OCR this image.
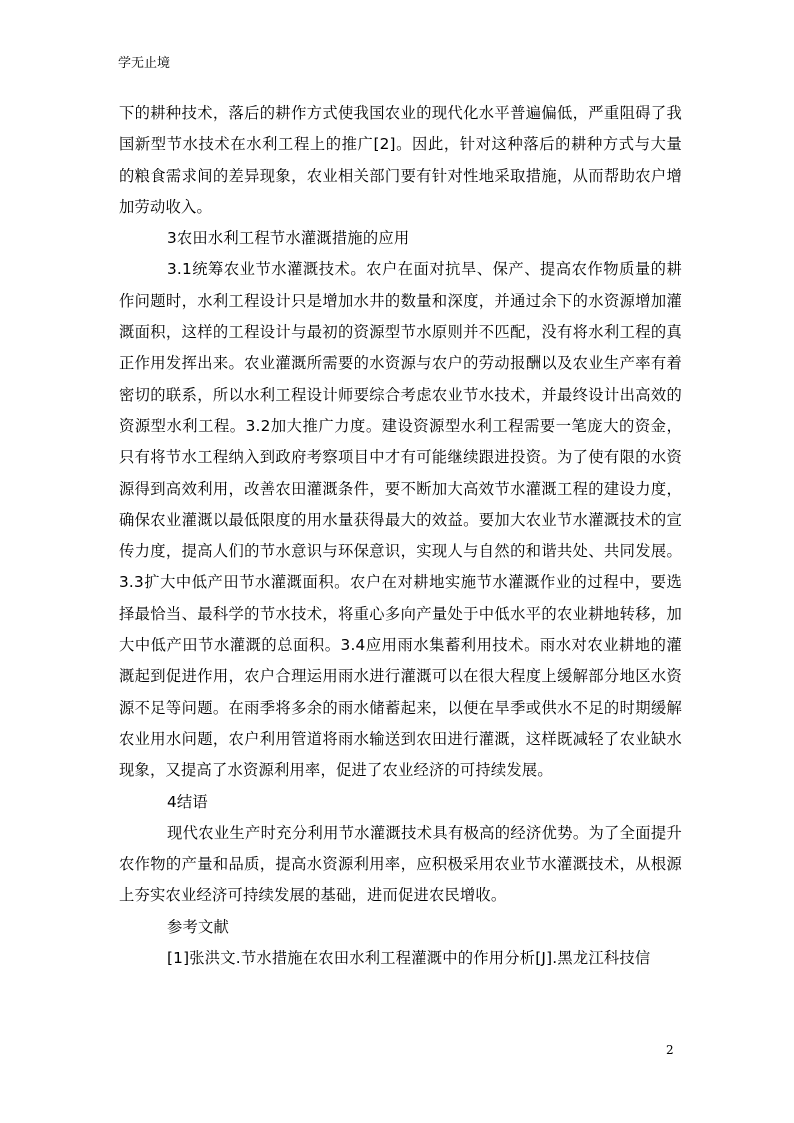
学无止境

下的耕种技术，落后的耕作方式使我国农业的现代化水平普遍偏低，严重阻碍了我国新型节水技术在水利工程上的推广[2]。因此，针对这种落后的耕种方式与大量的粮食需求间的差异现象，农业相关部门要有针对性地采取措施，从而帮助农户增加劳动收入。

3农田水利工程节水灌溉措施的应用

3.1统筹农业节水灌溉技术。农户在面对抗旱、保产、提高农作物质量的耕作问题时，水利工程设计只是增加水井的数量和深度，并通过余下的水资源增加灌溉面积，这样的工程设计与最初的资源型节水原则并不匹配，没有将水利工程的真正作用发挥出来。农业灌溉所需要的水资源与农户的劳动报酬以及农业生产率有着密切的联系，所以水利工程设计师要综合考虑农业节水技术，并最终设计出高效的资源型水利工程。3.2加大推广力度。建设资源型水利工程需要一笔庞大的资金，只有将节水工程纳入到政府考察项目中才有可能继续跟进投资。为了使有限的水资源得到高效利用，改善农田灌溉条件，要不断加大高效节水灌溉工程的建设力度，确保农业灌溉以最低限度的用水量获得最大的效益。要加大农业节水灌溉技术的宣传力度，提高人们的节水意识与环保意识，实现人与自然的和谐共处、共同发展。3.3扩大中低产田节水灌溉面积。农户在对耕地实施节水灌溉作业的过程中，要选择最恰当、最科学的节水技术，将重心多向产量处于中低水平的农业耕地转移，加大中低产田节水灌溉的总面积。3.4应用雨水集蓄利用技术。雨水对农业耕地的灌溉起到促进作用，农户合理运用雨水进行灌溉可以在很大程度上缓解部分地区水资源不足等问题。在雨季将多余的雨水储蓄起来，以便在旱季或供水不足的时期缓解农业用水问题，农户利用管道将雨水输送到农田进行灌溉，这样既减轻了农业缺水现象，又提高了水资源利用率，促进了农业经济的可持续发展。

4结语

现代农业生产时充分利用节水灌溉技术具有极高的经济优势。为了全面提升农作物的产量和品质，提高水资源利用率，应积极采用农业节水灌溉技术，从根源上夯实农业经济可持续发展的基础，进而促进农民增收。

参考文献

[1]张洪文.节水措施在农田水利工程灌溉中的作用分析[J].黑龙江科技信

2
